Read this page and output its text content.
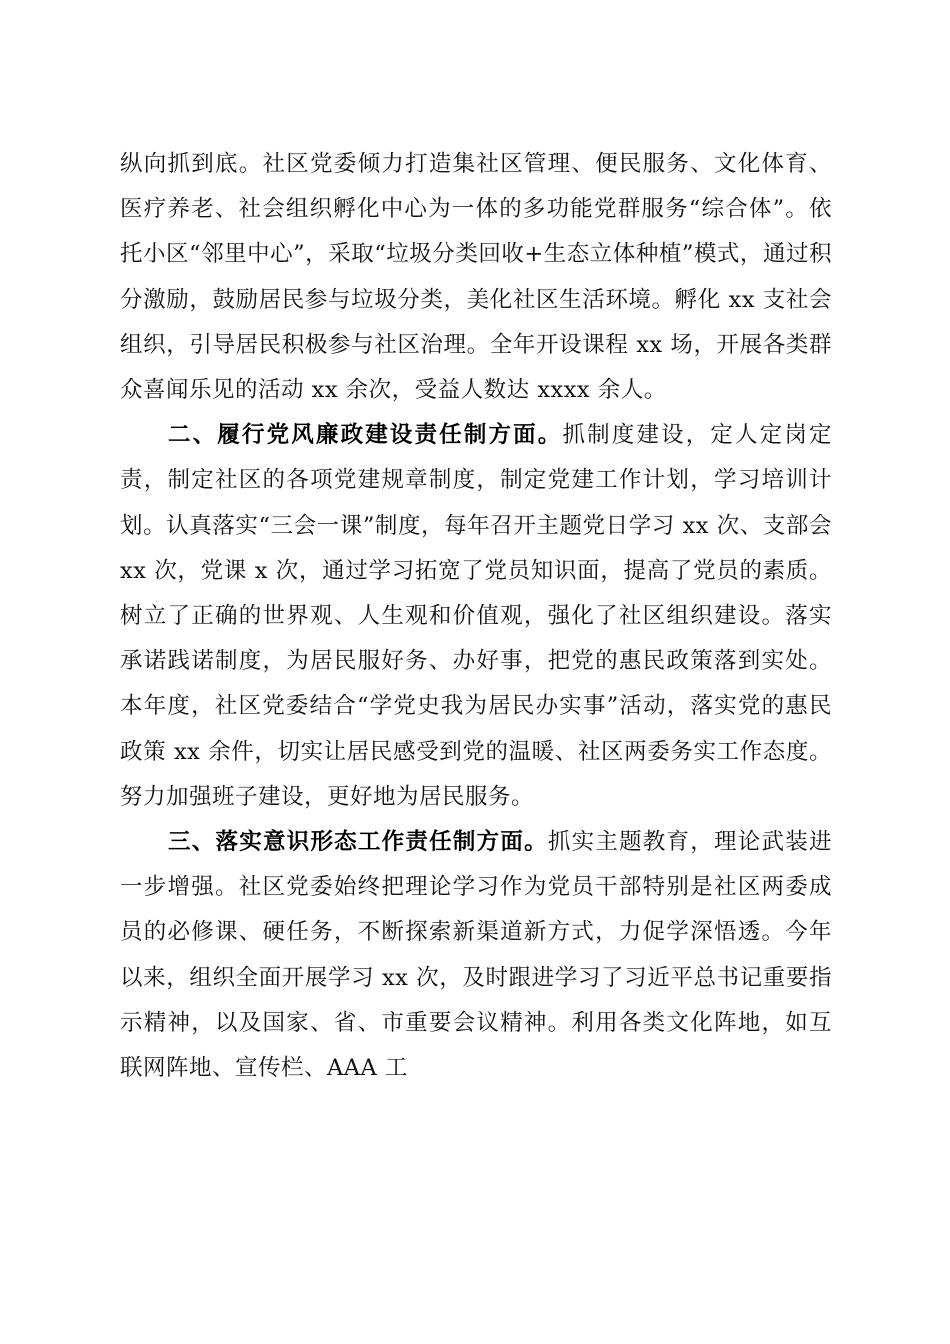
纵向抓到底。社区党委倾力打造集社区管理、便民服务、文化体育、医疗养老、社会组织孵化中心为一体的多功能党群服务“综合体”。依托小区“邻里中心”，采取“垃圾分类回收+生态立体种植”模式，通过积分激励，鼓励居民参与垃圾分类，美化社区生活环境。孵化 xx 支社会组织，引导居民积极参与社区治理。全年开设课程 xx 场，开展各类群众喜闻乐见的活动 xx 余次，受益人数达 xxxx 余人。

二、履行党风廉政建设责任制方面。抓制度建设，定人定岗定责，制定社区的各项党建规章制度，制定党建工作计划，学习培训计划。认真落实“三会一课”制度，每年召开主题党日学习 xx 次、支部会 xx 次，党课 x 次，通过学习拓宽了党员知识面，提高了党员的素质。树立了正确的世界观、人生观和价值观，强化了社区组织建设。落实承诺践诺制度，为居民服好务、办好事，把党的惠民政策落到实处。本年度，社区党委结合“学党史我为居民办实事”活动，落实党的惠民政策 xx 余件，切实让居民感受到党的温暖、社区两委务实工作态度。努力加强班子建设，更好地为居民服务。

三、落实意识形态工作责任制方面。抓实主题教育，理论武装进一步增强。社区党委始终把理论学习作为党员干部特别是社区两委成员的必修课、硬任务，不断探索新渠道新方式，力促学深悟透。今年以来，组织全面开展学习 xx 次，及时跟进学习了习近平总书记重要指示精神，以及国家、省、市重要会议精神。利用各类文化阵地，如互联网阵地、宣传栏、AAA 工
